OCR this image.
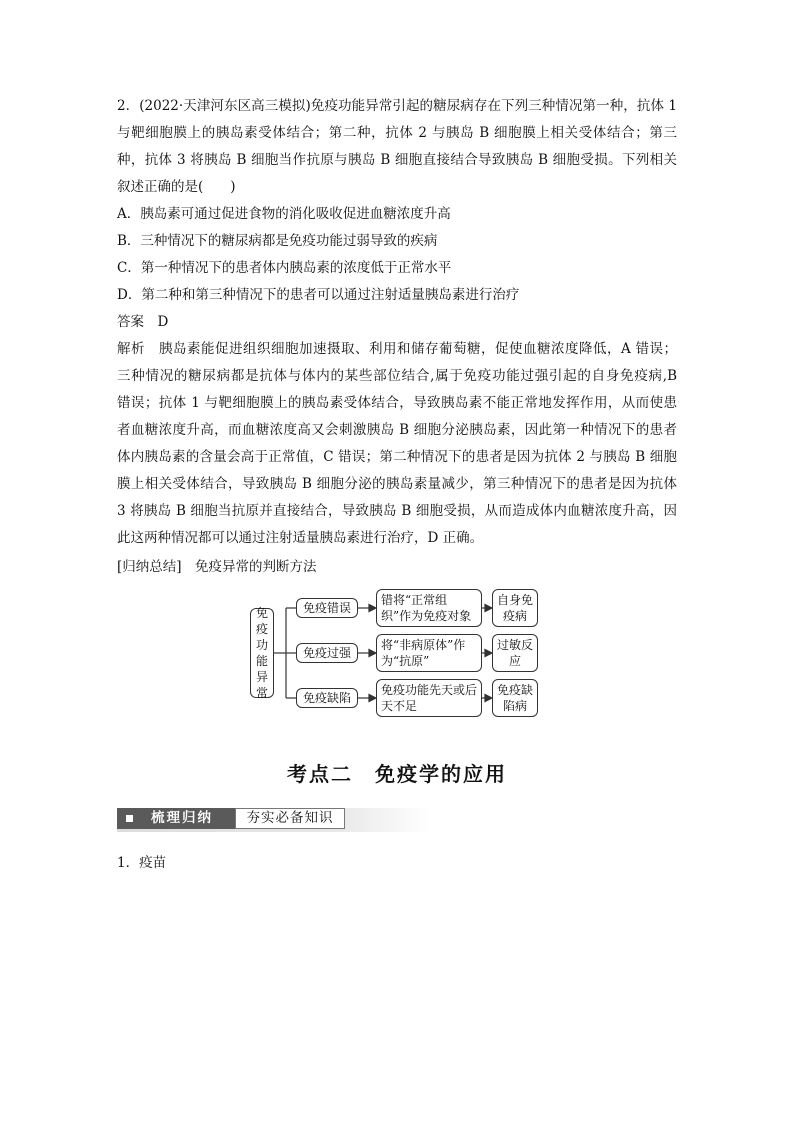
2．(2022·天津河东区高三模拟)免疫功能异常引起的糖尿病存在下列三种情况第一种，抗体 1
与靶细胞膜上的胰岛素受体结合；第二种，抗体 2 与胰岛 B 细胞膜上相关受体结合；第三
种，抗体 3 将胰岛 B 细胞当作抗原与胰岛 B 细胞直接结合导致胰岛 B 细胞受损。下列相关
叙述正确的是(　　)
A．胰岛素可通过促进食物的消化吸收促进血糖浓度升高
B．三种情况下的糖尿病都是免疫功能过弱导致的疾病
C．第一种情况下的患者体内胰岛素的浓度低于正常水平
D．第二种和第三种情况下的患者可以通过注射适量胰岛素进行治疗
答案　D
解析　胰岛素能促进组织细胞加速摄取、利用和储存葡萄糖，促使血糖浓度降低，A 错误；
三种情况的糖尿病都是抗体与体内的某些部位结合,属于免疫功能过强引起的自身免疫病,B
错误；抗体 1 与靶细胞膜上的胰岛素受体结合，导致胰岛素不能正常地发挥作用，从而使患
者血糖浓度升高，而血糖浓度高又会刺激胰岛 B 细胞分泌胰岛素，因此第一种情况下的患者
体内胰岛素的含量会高于正常值，C 错误；第二种情况下的患者是因为抗体 2 与胰岛 B 细胞
膜上相关受体结合，导致胰岛 B 细胞分泌的胰岛素量减少，第三种情况下的患者是因为抗体
3 将胰岛 B 细胞当抗原并直接结合，导致胰岛 B 细胞受损，从而造成体内血糖浓度升高，因
此这两种情况都可以通过注射适量胰岛素进行治疗，D 正确。
[归纳总结]　免疫异常的判断方法
免疫功能异常
免疫错误
错将“正常组织”作为免疫对象
自身免疫病
免疫过强
将“非病原体”作为“抗原”
过敏反应
免疫缺陷
免疫功能先天或后天不足
免疫缺陷病
考点二　免疫学的应用
梳理归纳	夯实必备知识
1．疫苗
